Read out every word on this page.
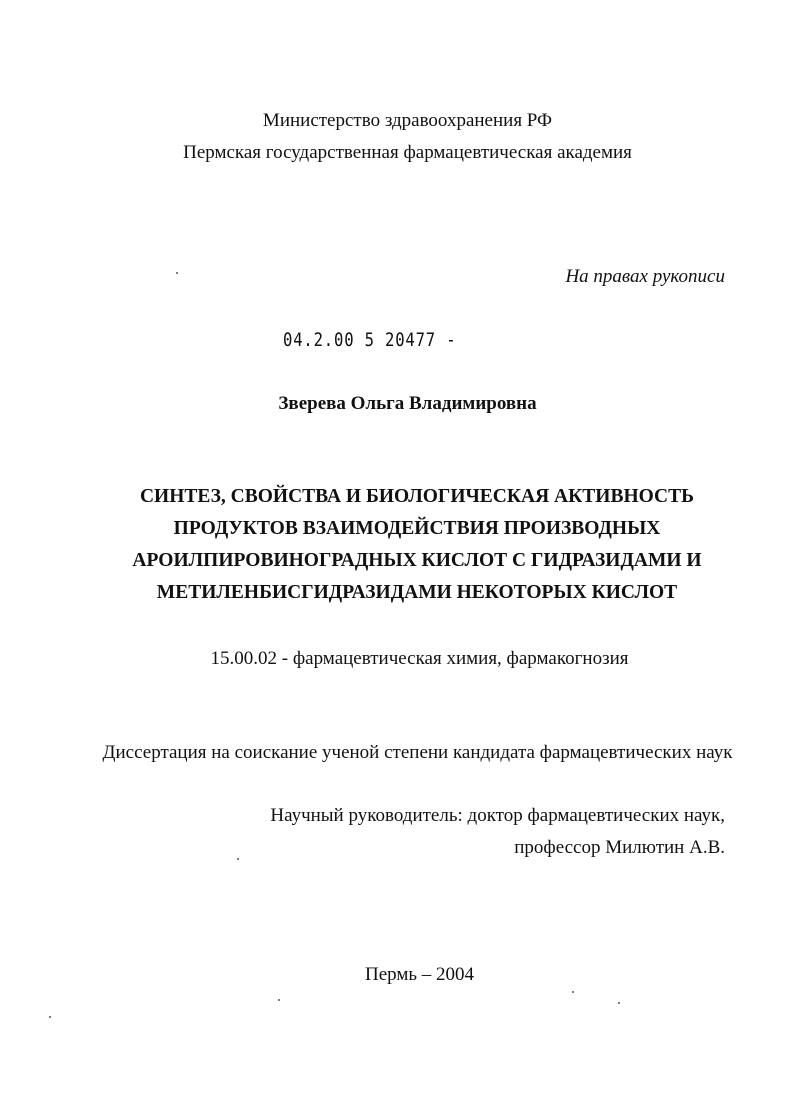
Министерство здравоохранения РФ
Пермская государственная фармацевтическая академия
На правах рукописи
04.2.00 5 20477 -
Зверева Ольга Владимировна
СИНТЕЗ, СВОЙСТВА И БИОЛОГИЧЕСКАЯ АКТИВНОСТЬ
ПРОДУКТОВ ВЗАИМОДЕЙСТВИЯ ПРОИЗВОДНЫХ
АРОИЛПИРОВИНОГРАДНЫХ КИСЛОТ С ГИДРАЗИДАМИ И
МЕТИЛЕНБИСГИДРАЗИДАМИ НЕКОТОРЫХ КИСЛОТ
15.00.02 - фармацевтическая химия, фармакогнозия
Диссертация на соискание ученой степени кандидата фармацевтических наук
Научный руководитель: доктор фармацевтических наук,
профессор Милютин А.В.
Пермь – 2004
